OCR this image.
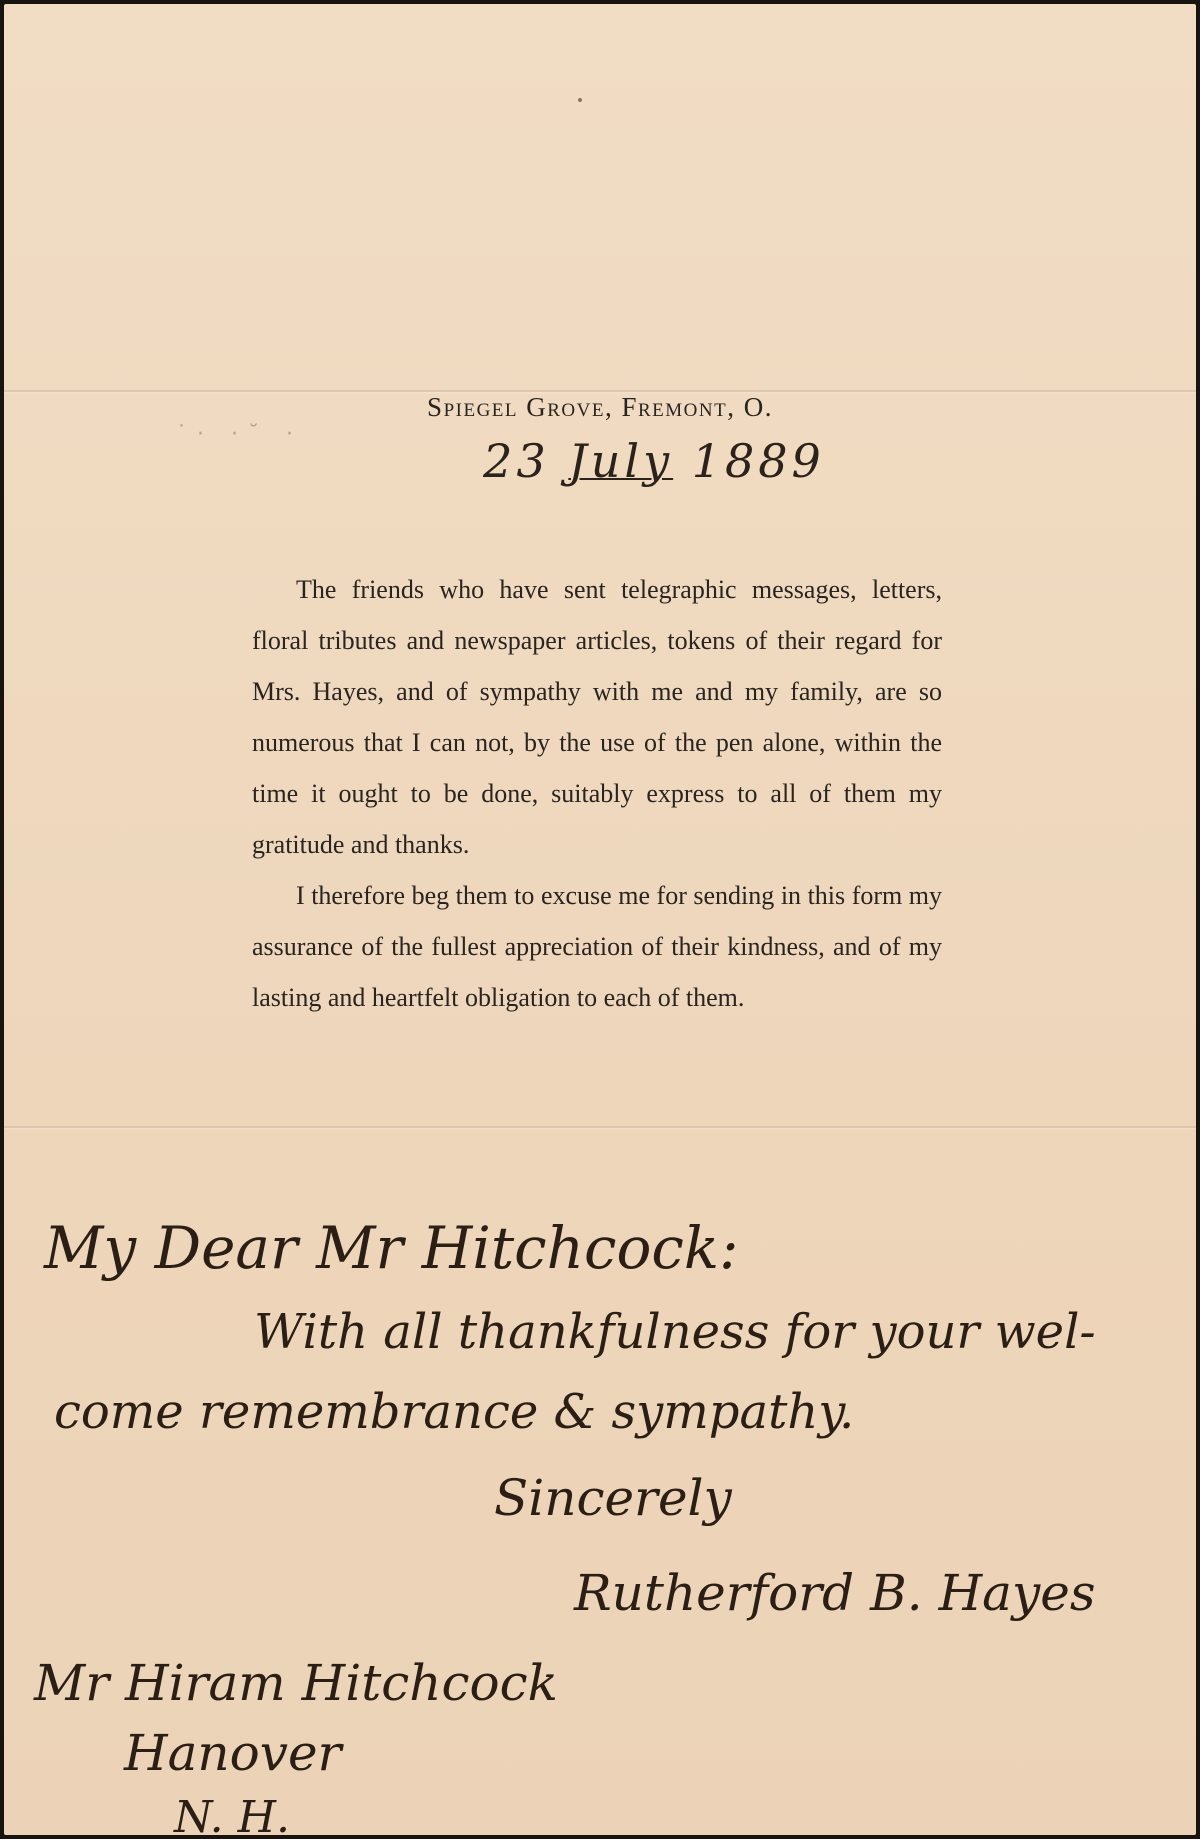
˙· ·˘ ·
Spiegel Grove, Fremont, O.
23 July 1889

The friends who have sent telegraphic messages, letters, floral tributes and newspaper articles, tokens of their regard for Mrs. Hayes, and of sympathy with me and my family, are so numerous that I can not, by the use of the pen alone, within the time it ought to be done, suitably express to all of them my gratitude and thanks.

I therefore beg them to excuse me for sending in this form my assurance of the fullest appreciation of their kindness, and of my lasting and heartfelt obligation to each of them.

My Dear Mr Hitchcock:
With all thankfulness for your wel-
come remembrance & sympathy.
Sincerely
Rutherford B. Hayes
Mr Hiram Hitchcock
Hanover
N. H.
